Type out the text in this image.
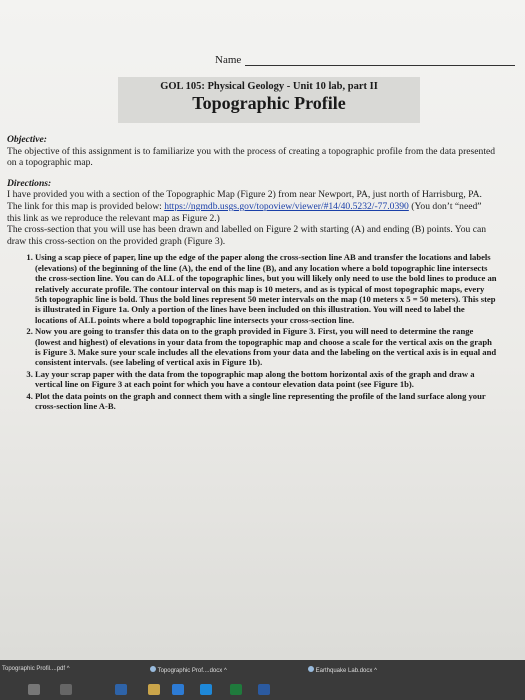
Name
GOL 105: Physical Geology - Unit 10 lab, part II
Topographic Profile
Objective:
The objective of this assignment is to familiarize you with the process of creating a topographic profile from the data presented on a topographic map.
Directions:
I have provided you with a section of the Topographic Map (Figure 2) from near Newport, PA, just north of Harrisburg, PA. The link for this map is provided below: https://ngmdb.usgs.gov/topoview/viewer/#14/40.5232/-77.0390 (You don’t “need” this link as we reproduce the relevant map as Figure 2.)
The cross-section that you will use has been drawn and labelled on Figure 2 with starting (A) and ending (B) points. You can draw this cross-section on the provided graph (Figure 3).
1. Using a scap piece of paper, line up the edge of the paper along the cross-section line AB and transfer the locations and labels (elevations) of the beginning of the line (A), the end of the line (B), and any location where a bold topographic line intersects the cross-section line. You can do ALL of the topographic lines, but you will likely only need to use the bold lines to produce an relatively accurate profile. The contour interval on this map is 10 meters, and as is typical of most topographic maps, every 5th topographic line is bold. Thus the bold lines represent 50 meter intervals on the map (10 meters x 5 = 50 meters). This step is illustrated in Figure 1a. Only a portion of the lines have been included on this illustration. You will need to label the locations of ALL points where a bold topographic line intersects your cross-section line.
2. Now you are going to transfer this data on to the graph provided in Figure 3. First, you will need to determine the range (lowest and highest) of elevations in your data from the topographic map and choose a scale for the vertical axis on the graph is Figure 3. Make sure your scale includes all the elevations from your data and the labeling on the vertical axis is in equal and consistent intervals. (see labeling of vertical axis in Figure 1b).
3. Lay your scrap paper with the data from the topographic map along the bottom horizontal axis of the graph and draw a vertical line on Figure 3 at each point for which you have a contour elevation data point (see Figure 1b).
4. Plot the data points on the graph and connect them with a single line representing the profile of the land surface along your cross-section line A-B.
Topographic Profil....pdf ^	Topographic Prof....docx ^	Earthquake Lab.docx ^
